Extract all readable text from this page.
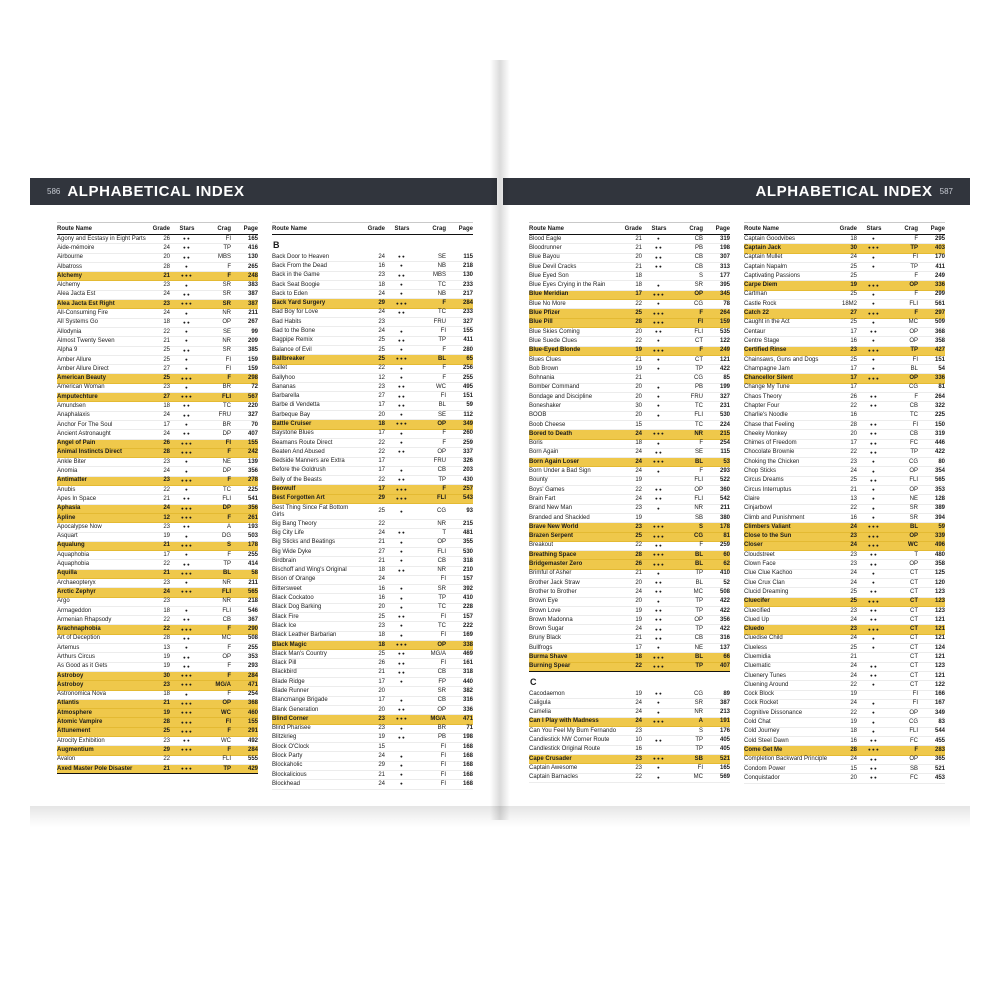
586 ALPHABETICAL INDEX	ALPHABETICAL INDEX 587
Route Name	Grade	Stars	Crag	Page
Agony and Ecstasy in Eight Parts	26	●●	FI	165
Aide-mémoire	24	●●	TP	416
Airbourne	20	●●	MBS	130
Albatross	28	●	F	265
Alchemy	21	●●●	F	248
Alchemy	23	●	SR	383
Alea Jacta Est	24	●●	SR	387
Alea Jacta Est Right	23	●●●	SR	387
All-Consuming Fire	24	●	NR	211
All Systems Go	18	●●	OP	267
Allodynia	22	●	SE	99
Almost Twenty Seven	21	●	NR	209
Alpha 9	25	●●	SR	385
Amber Allure	25	●	FI	159
Amber Allure Direct	27	●	FI	159
American Beauty	25	●●●	F	298
American Woman	23	●	BR	72
Amputechture	27	●●●	FLI	567
Amundsen	18	●●	TC	220
Anaphalaxis	24	●●	FRU	327
Anchor For The Soul	17	●	BR	70
Ancient Astronaught	24	●●	DP	407
Angel of Pain	26	●●●	FI	155
Animal Instincts Direct	28	●●●	F	242
Ankle Biter	23	●	NE	139
Anomia	24	●	DP	356
Antimatter	23	●●●	F	278
Anubis	22	●	TC	225
Apes In Space	21	●●	FLI	541
Aphasia	24	●●●	DP	356
Apline	12	●●●	F	261
Apocalypse Now	23	●●	A	193
Asquart	19	●	DG	503
Aqualung	21	●●●	S	178
Aquaphobia	17	●	F	255
Aquaphobia	22	●●	TP	414
Aquilla	21	●●●	BL	58
Archaeopteryx	23	●	NR	211
Arctic Zephyr	24	●●●	FLI	565
Argo	23	NR	218
Armageddon	18	●	FLI	546
Armenian Rhapsody	22	●●	CB	367
Arachnaphobia	22	●●●	F	290
Art of Deception	28	●●	MC	508
Artemus	13	●	F	255
Arthurs Circus	19	●●	OP	353
As Good as it Gets	19	●●	F	293
Astroboy	30	●●●	F	284
Astroboy	23	●●●	MG/A	471
Astronomica Nova	18	●	F	254
Atlantis	21	●●●	OP	368
Atmosphere	19	●●●	WC	460
Atomic Vampire	28	●●●	FI	155
Attunement	25	●●●	F	291
Atrocity Exhibition	23	●●	WC	492
Augmentium	29	●●●	F	284
Avalon	22	FLI	555
Axed Master Pole Disaster	21	●●●	TP	429
Route Name	Grade	Stars	Crag	Page
B
Back Door to Heaven	24	●●	SE	115
Back From the Dead	16	●	NB	218
Back in the Game	23	●●	MBS	130
Back Seat Boogie	18	●	TC	233
Back to Eden	24	●	NB	217
Back Yard Surgery	29	●●●	F	284
Bad Boy for Love	24	●●	TC	233
Bad Habits	23	FRU	327
Bad to the Bone	24	●	FI	155
Bagpipe Remix	25	●●	TP	411
Balance of Evil	25	●	F	280
Ballbreaker	25	●●●	BL	65
Ballet	22	●	F	256
Ballyhoo	12	●	F	255
Bananas	23	●●	WC	495
Barbarella	27	●●	FI	151
Barbe di Vendetta	17	●●	BL	59
Barbeque Bay	20	●	SE	112
Battle Cruiser	18	●●●	OP	349
Baystone Blues	17	●	F	260
Beamans Route Direct	22	●	F	259
Beaten And Abused	22	●●	OP	337
Bedside Manners are Extra	17	FRU	326
Before the Goldrush	17	●	CB	203
Belly of the Beasts	22	●●	TP	430
Beowulf	17	●●●	F	257
Best Forgotten Art	29	●●●	FLI	543
Best Thing Since Fat Bottom Girls
25	●	CG	93
Big Bang Theory	22	NR	215
Big City Life	24	●●	T	481
Big Sticks and Beatings	21	●	OP	355
Big Wide Dyke	27	●	FLI	530
Birdbrain	21	●	CB	318
Bischoff and Wing's Original	18	●●	NR	210
Bison of Orange	24	FI	157
Bittersweet	16	●	SR	392
Black Cockatoo	16	●	TP	410
Black Dog Barking	20	●	TC	228
Black Fire	25	●●	FI	157
Black Ice	23	●	TC	222
Black Leather Barbarian	18	●	FI	169
Black Magic	18	●●●	OP	338
Black Man's Country	25	●●	MG/A	469
Black Pill	26	●●	FI	161
Blackbird	21	●●	CB	318
Blade Ridge	17	●	FP	440
Blade Runner	20	SR	382
Blancmange Brigade	17	●	CB	316
Blank Generation	20	●●	OP	336
Blind Corner	23	●●●	MG/A	471
Blind Pharisee	23	●	BR	71
Blitzkrieg	19	●●	PB	198
Block O'Clock	15	FI	168
Block Party	24	●	FI	168
Blockaholic	29	●	FI	168
Blockalicious	21	●	FI	168
Blockhead	24	●	FI	168
Route Name	Grade	Stars	Crag	Page
Blood Eagle	21	●	CB	319
Bloodrunner	21	●●	PB	198
Blue Bayou	20	●●	CB	307
Blue Devil Cracks	21	●●	CB	313
Blue Eyed Son	18	S	177
Blue Eyes Crying in the Rain	18	●	SR	395
Blue Meridian	17	●●●	OP	345
Blue No More	22	●	CG	78
Blue Pfizer	25	●●●	F	264
Blue Pill	28	●●●	FI	159
Blue Skies Coming	20	●●	FLI	535
Blue Suede Clues	22	●	CT	122
Blue-Eyed Blonde	19	●●●	F	249
Blues Clues	21	●	CT	121
Bob Brown	19	●	TP	422
Bohnania	21	CG	85
Bomber Command	20	●	PB	199
Bondage and Discipline	20	●	FRU	327
Boneshaker	30	●	TC	231
BOOB	20	●	FLI	530
Boob Cheese	15	TC	224
Bored to Death	24	●●●	NR	215
Boris	18	●	F	254
Born Again	24	●●	SE	115
Born Again Loser	24	●●●	BL	53
Born Under a Bad Sign	24	●	F	293
Bounty	19	FLI	522
Boys' Games	22	●●	OP	360
Brain Fart	24	●●	FLI	542
Brand New Man	23	●	NR	211
Branded and Shackled	19	SB	380
Brave New World	23	●●●	S	178
Brazen Serpent	25	●●●	CG	81
Breakout	22	●●	F	259
Breathing Space	28	●●●	BL	60
Bridgemaster Zero	26	●●●	BL	62
Brimful of Asher	21	●	TP	410
Brother Jack Straw	20	●●	BL	52
Brother to Brother	24	●●	MC	508
Brown Eye	20	●	TP	422
Brown Love	19	●●	TP	422
Brown Madonna	19	●●	OP	356
Brown Sugar	24	●●	TP	422
Bruny Black	21	●●	CB	316
Bullfrogs	17	●	NE	137
Burma Shave	18	●●●	BL	66
Burning Spear	22	●●●	TP	407
C
Cacodaemon	19	●●	CG	89
Caligula	24	●	SR	387
Camelia	24	●	NR	213
Can I Play with Madness	24	●●●	A	191
Can You Feel My Bum Fernando	23	S	176
Candlestick NW Corner Route	10	●●	TP	405
Candlestick Original Route	16	TP	405
Cape Crusader	23	●●●	SB	521
Captain Awesome	23	●	FI	165
Captain Barnacles	22	●	MC	569
Route Name	Grade	Stars	Crag	Page
Captain Goodvibes	18	●	F	295
Captain Jack	30	●●●	TP	403
Captain Mullet	24	●	FI	170
Captain Napalm	25	●	TP	411
Captivating Passions	25	F	249
Carpe Diem	19	●●●	OP	336
Cartman	25	●	F	299
Castle Rock	18M2	●	FLI	561
Catch 22	27	●●●	F	297
Caught in the Act	25	●	MC	509
Centaur	17	●●	OP	368
Centre Stage	16	●	OP	358
Certified Rinse	23	●●●	TP	427
Chainsaws, Guns and Dogs	25	●	FI	151
Champagne Jam	17	●	BL	54
Chancellor Silent	17	●●●	OP	336
Change My Tune	17	CG	81
Chaos Theory	26	●●	F	264
Chapter Four	22	●●	CB	322
Charlie's Noodle	16	TC	225
Chase that Feeling	28	●●	FI	150
Cheeky Monkey	20	●●	CB	319
Chimes of Freedom	17	●●	FC	446
Chocolate Brownie	22	●●	TP	422
Choking the Chicken	23	●	CG	80
Chop Sticks	24	●	OP	354
Circus Dreams	25	●●	FLI	565
Circus Interruptus	21	●	OP	353
Claire	13	●	NE	128
Cinjarbowl	22	●	SR	389
Climb and Punishment	16	●	SR	394
Climbers Valiant	24	●●●	BL	59
Close to the Sun	23	●●●	OP	339
Closer	24	●●●	WC	496
Cloudstreet	23	●●	T	480
Clown Face	23	●●	OP	358
Clue Clue Kachoo	24	●	CT	125
Clue Crux Clan	24	●	CT	120
Clucid Dreaming	25	●●	CT	123
Cluecifer	25	●●●	CT	123
Cluecified	23	●●	CT	123
Clued Up	24	●●	CT	121
Cluedo	23	●●●	CT	121
Cluedise Child	24	●	CT	121
Clueless	25	●	CT	124
Cluemidia	21	CT	121
Cluematic	24	●●	CT	123
Cluenery Tunes	24	●●	CT	121
Cluening Around	22	●	CT	122
Cock Block	19	FI	166
Cock Rocket	24	●	FI	167
Cognitive Dissonance	22	●	OP	349
Cold Chat	19	●	CG	83
Cold Journey	18	●	FLI	544
Cold Steel Dawn	16	●●	FC	455
Come Get Me	28	●●●	F	283
Completion Backward Principle	24	●●	OP	365
Condom Power	15	●●	SB	521
Conquistador	20	●●	FC	453
